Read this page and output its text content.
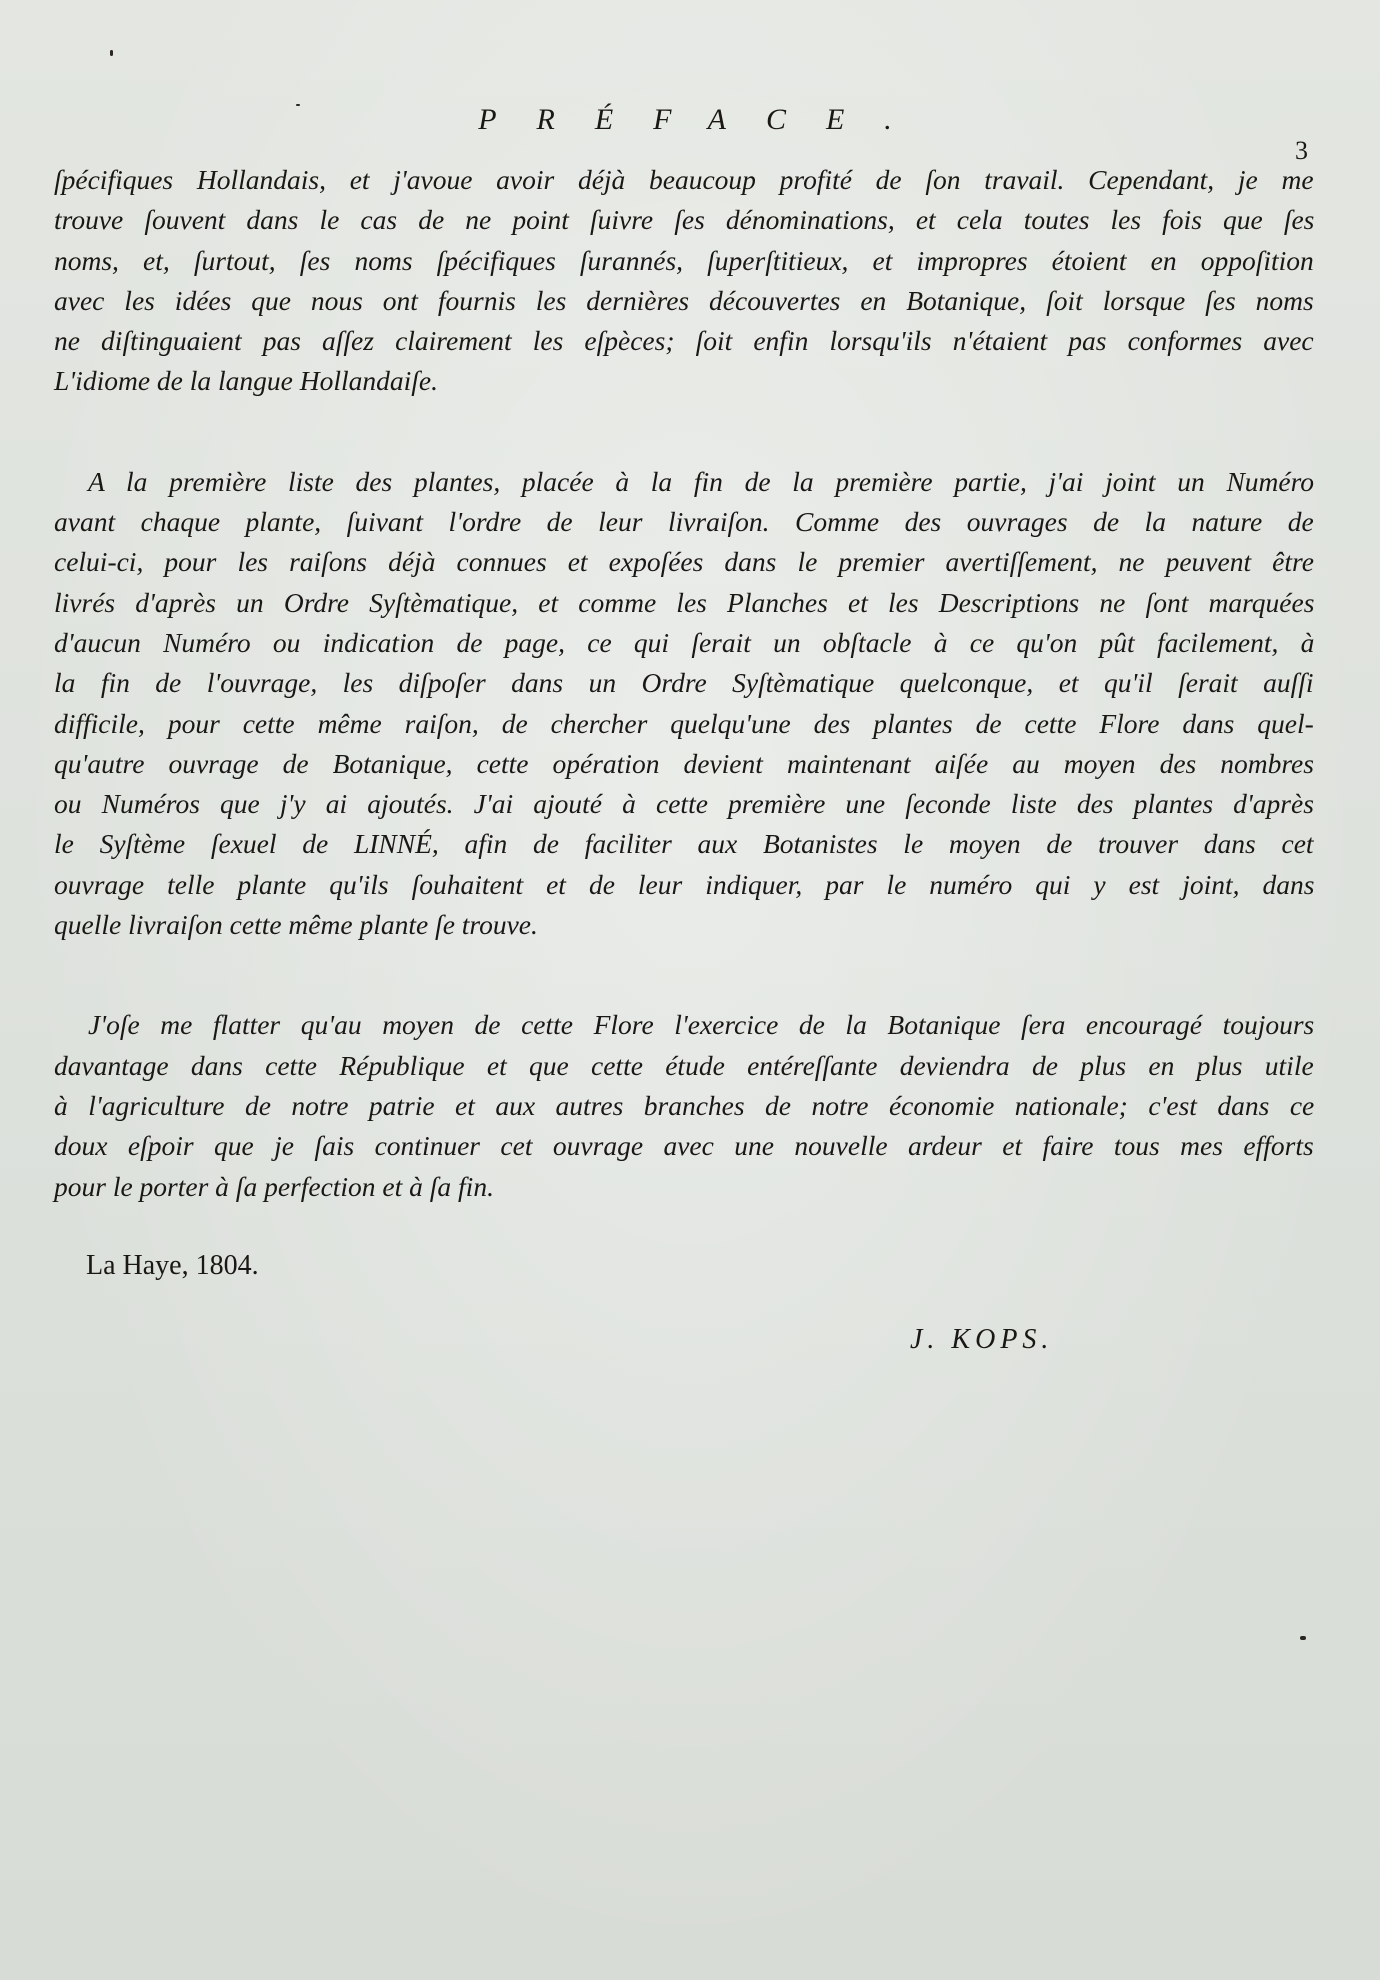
PRÉFACE.
3

ſpécifiques Hollandais, et j'avoue avoir déjà beaucoup profité de ſon travail. Cependant, je me
trouve ſouvent dans le cas de ne point ſuivre ſes dénominations, et cela toutes les fois que ſes
noms, et, ſurtout, ſes noms ſpécifiques ſurannés, ſuperſtitieux, et impropres étoient en oppoſition
avec les idées que nous ont fournis les dernières découvertes en Botanique, ſoit lorsque ſes noms
ne diſtinguaient pas aſſez clairement les eſpèces; ſoit enfin lorsqu'ils n'étaient pas conformes avec
L'idiome de la langue Hollandaiſe.

A la première liste des plantes, placée à la fin de la première partie, j'ai joint un Numéro
avant chaque plante, ſuivant l'ordre de leur livraiſon. Comme des ouvrages de la nature de
celui-ci, pour les raiſons déjà connues et expoſées dans le premier avertiſſement, ne peuvent être
livrés d'après un Ordre Syſtèmatique, et comme les Planches et les Descriptions ne ſont marquées
d'aucun Numéro ou indication de page, ce qui ſerait un obſtacle à ce qu'on pût facilement, à
la fin de l'ouvrage, les diſpoſer dans un Ordre Syſtèmatique quelconque, et qu'il ſerait auſſi
difficile, pour cette même raiſon, de chercher quelqu'une des plantes de cette Flore dans quel-
qu'autre ouvrage de Botanique, cette opération devient maintenant aiſée au moyen des nombres
ou Numéros que j'y ai ajoutés. J'ai ajouté à cette première une ſeconde liste des plantes d'après
le Syſtème ſexuel de LINNÉ, afin de faciliter aux Botanistes le moyen de trouver dans cet
ouvrage telle plante qu'ils ſouhaitent et de leur indiquer, par le numéro qui y est joint, dans
quelle livraiſon cette même plante ſe trouve.

J'oſe me flatter qu'au moyen de cette Flore l'exercice de la Botanique ſera encouragé toujours
davantage dans cette République et que cette étude entéreſſante deviendra de plus en plus utile
à l'agriculture de notre patrie et aux autres branches de notre économie nationale; c'est dans ce
doux eſpoir que je ſais continuer cet ouvrage avec une nouvelle ardeur et faire tous mes efforts
pour le porter à ſa perfection et à ſa fin.

La Haye, 1804.
J. KOPS.
